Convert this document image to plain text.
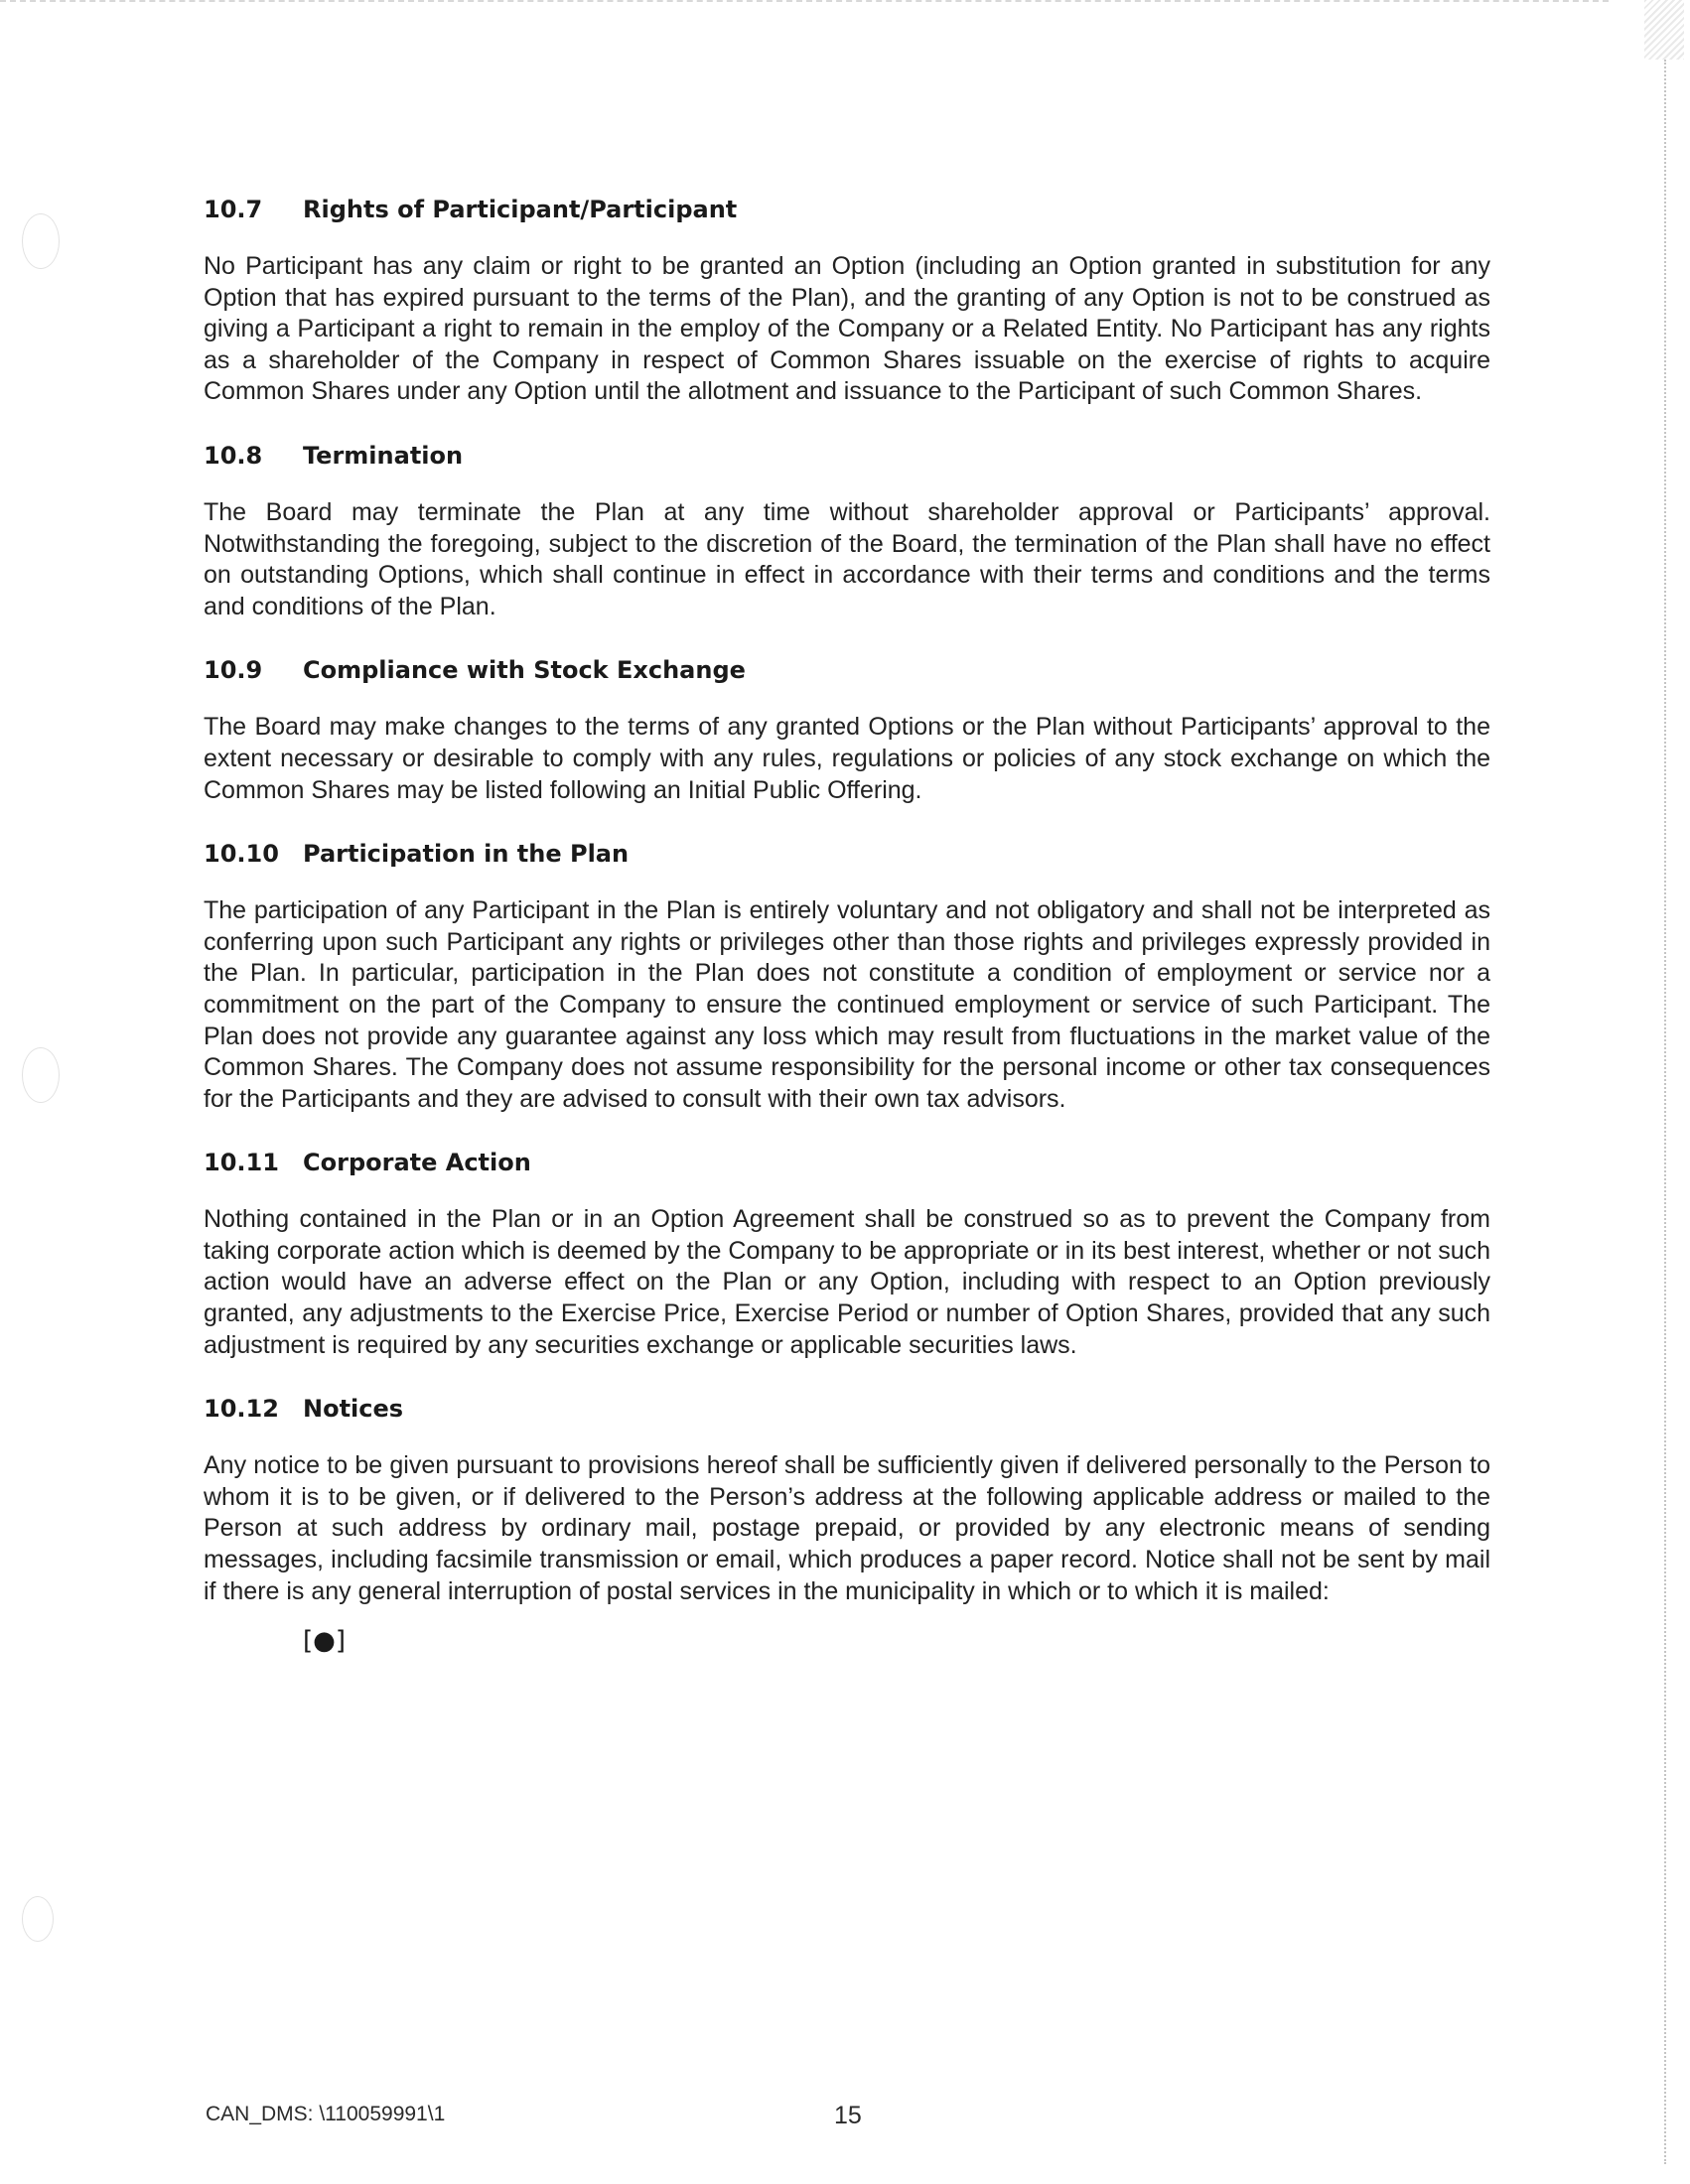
10.7 Rights of Participant/Participant

No Participant has any claim or right to be granted an Option (including an Option granted in substitution for any Option that has expired pursuant to the terms of the Plan), and the granting of any Option is not to be construed as giving a Participant a right to remain in the employ of the Company or a Related Entity. No Participant has any rights as a shareholder of the Company in respect of Common Shares issuable on the exercise of rights to acquire Common Shares under any Option until the allotment and issuance to the Participant of such Common Shares.

10.8 Termination

The Board may terminate the Plan at any time without shareholder approval or Participants’ approval. Notwithstanding the foregoing, subject to the discretion of the Board, the termination of the Plan shall have no effect on outstanding Options, which shall continue in effect in accordance with their terms and conditions and the terms and conditions of the Plan.

10.9 Compliance with Stock Exchange

The Board may make changes to the terms of any granted Options or the Plan without Participants’ approval to the extent necessary or desirable to comply with any rules, regulations or policies of any stock exchange on which the Common Shares may be listed following an Initial Public Offering.

10.10 Participation in the Plan

The participation of any Participant in the Plan is entirely voluntary and not obligatory and shall not be interpreted as conferring upon such Participant any rights or privileges other than those rights and privileges expressly provided in the Plan. In particular, participation in the Plan does not constitute a condition of employment or service nor a commitment on the part of the Company to ensure the continued employment or service of such Participant. The Plan does not provide any guarantee against any loss which may result from fluctuations in the market value of the Common Shares. The Company does not assume responsibility for the personal income or other tax consequences for the Participants and they are advised to consult with their own tax advisors.

10.11 Corporate Action

Nothing contained in the Plan or in an Option Agreement shall be construed so as to prevent the Company from taking corporate action which is deemed by the Company to be appropriate or in its best interest, whether or not such action would have an adverse effect on the Plan or any Option, including with respect to an Option previously granted, any adjustments to the Exercise Price, Exercise Period or number of Option Shares, provided that any such adjustment is required by any securities exchange or applicable securities laws.

10.12 Notices

Any notice to be given pursuant to provisions hereof shall be sufficiently given if delivered personally to the Person to whom it is to be given, or if delivered to the Person’s address at the following applicable address or mailed to the Person at such address by ordinary mail, postage prepaid, or provided by any electronic means of sending messages, including facsimile transmission or email, which produces a paper record. Notice shall not be sent by mail if there is any general interruption of postal services in the municipality in which or to which it is mailed:

[●]
CAN_DMS: \110059991\1	15
